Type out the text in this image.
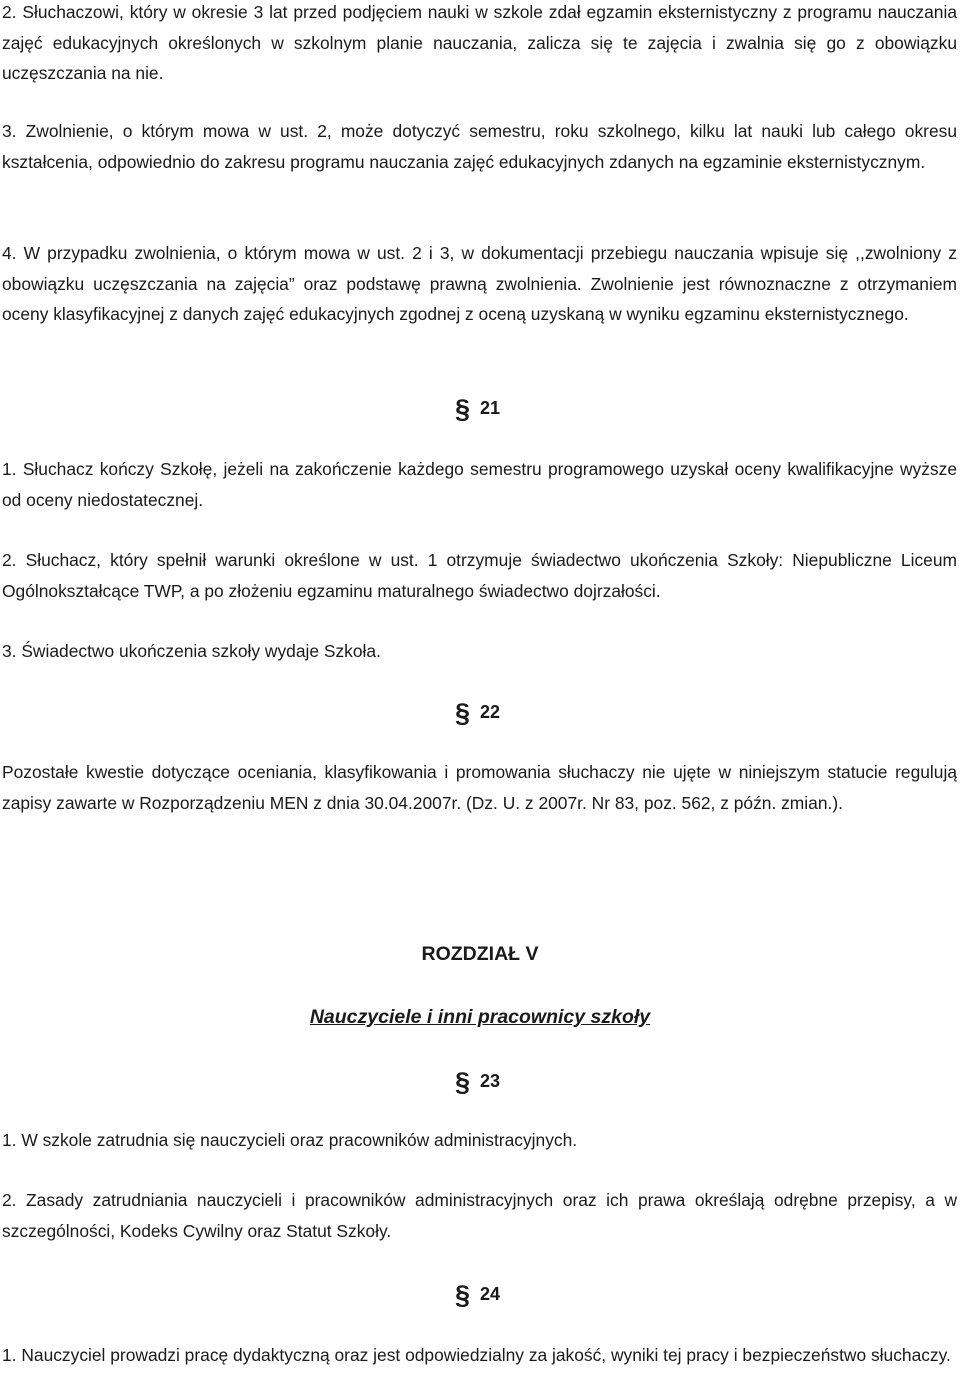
2. Słuchaczowi, który w okresie 3 lat przed podjęciem nauki w szkole zdał egzamin eksternistyczny z programu nauczania zajęć edukacyjnych określonych w szkolnym planie nauczania, zalicza się te zajęcia i zwalnia się go z obowiązku uczęszczania na nie.

3. Zwolnienie, o którym mowa w ust. 2, może dotyczyć semestru, roku szkolnego, kilku lat nauki lub całego okresu kształcenia, odpowiednio do zakresu programu nauczania zajęć edukacyjnych zdanych na egzaminie eksternistycznym.

4. W przypadku zwolnienia, o którym mowa w ust. 2 i 3, w dokumentacji przebiegu nauczania wpisuje się ,,zwolniony z obowiązku uczęszczania na zajęcia” oraz podstawę prawną zwolnienia. Zwolnienie jest równoznaczne z otrzymaniem oceny klasyfikacyjnej z danych zajęć edukacyjnych zgodnej z oceną uzyskaną w wyniku egzaminu eksternistycznego.

§ 21

1. Słuchacz kończy Szkołę, jeżeli na zakończenie każdego semestru programowego uzyskał oceny kwalifikacyjne wyższe od oceny niedostatecznej.

2. Słuchacz, który spełnił warunki określone w ust. 1 otrzymuje świadectwo ukończenia Szkoły: Niepubliczne Liceum Ogólnokształcące TWP, a po złożeniu egzaminu maturalnego świadectwo dojrzałości.

3. Świadectwo ukończenia szkoły wydaje Szkoła.

§ 22

Pozostałe kwestie dotyczące oceniania, klasyfikowania i promowania słuchaczy nie ujęte w niniejszym statucie regulują zapisy zawarte w Rozporządzeniu MEN z dnia 30.04.2007r. (Dz. U. z 2007r. Nr 83, poz. 562, z późn. zmian.).

ROZDZIAŁ V

Nauczyciele i inni pracownicy szkoły

§ 23

1. W szkole zatrudnia się nauczycieli oraz pracowników administracyjnych.

2. Zasady zatrudniania nauczycieli i pracowników administracyjnych oraz ich prawa określają odrębne przepisy, a w szczególności, Kodeks Cywilny oraz Statut Szkoły.

§ 24

1. Nauczyciel prowadzi pracę dydaktyczną oraz jest odpowiedzialny za jakość, wyniki tej pracy i bezpieczeństwo słuchaczy.
